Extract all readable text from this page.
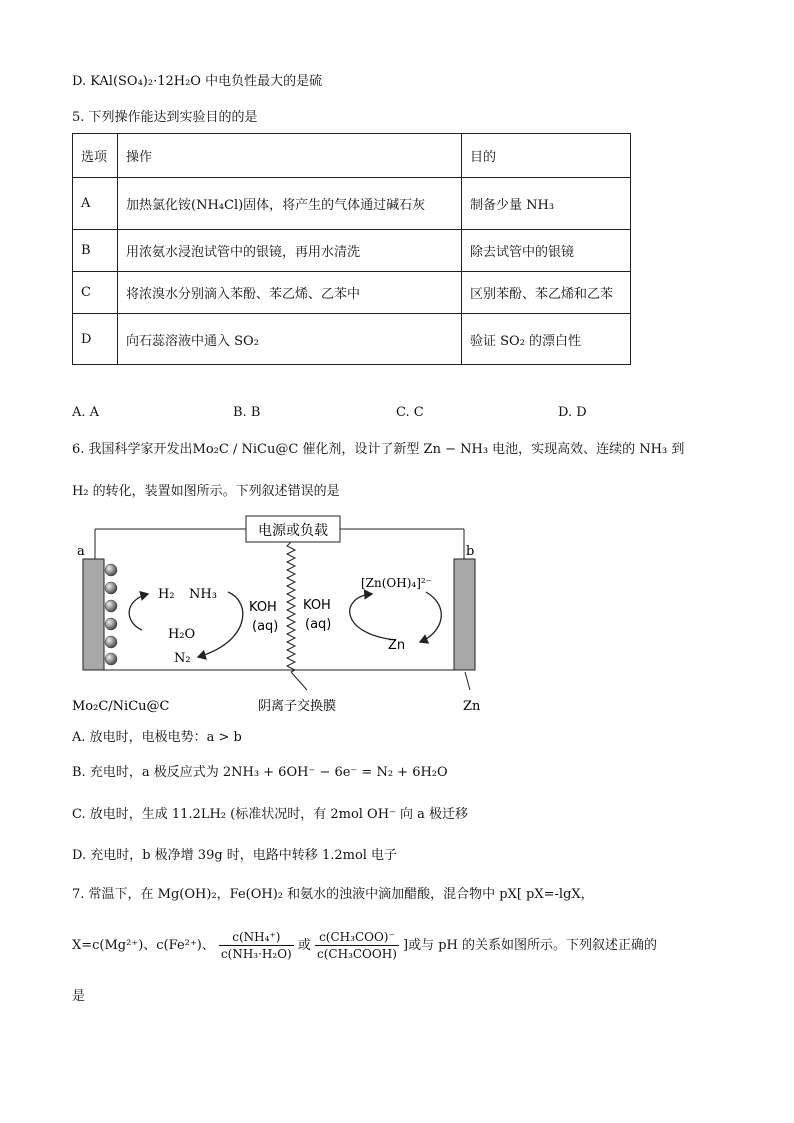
D. KAl(SO₄)₂·12H₂O 中电负性最大的是硫
5. 下列操作能达到实验目的的是
选项	操作	目的
A	加热氯化铵(NH₄Cl)固体，将产生的气体通过碱石灰	制备少量 NH₃
B	用浓氨水浸泡试管中的银镜，再用水清洗	除去试管中的银镜
C	将浓溴水分别滴入苯酚、苯乙烯、乙苯中	区别苯酚、苯乙烯和乙苯
D	向石蕊溶液中通入 SO₂	验证 SO₂ 的漂白性
A. A	B. B	C. C	D. D
6. 我国科学家开发出Mo₂C / NiCu@C 催化剂，设计了新型 Zn − NH₃ 电池，实现高效、连续的 NH₃ 到
H₂ 的转化，装置如图所示。下列叙述错误的是
电源或负载
a	b
H₂ NH₃
H₂O
N₂
KOH
(aq)
KOH
(aq)
[Zn(OH)₄]²⁻
Zn
Mo₂C/NiCu@C	阴离子交换膜	Zn
A. 放电时，电极电势：a > b
B. 充电时，a 极反应式为 2NH₃ + 6OH⁻ − 6e⁻ = N₂ + 6H₂O
C. 放电时，生成 11.2LH₂ (标准状况时，有 2mol OH⁻ 向 a 极迁移
D. 充电时，b 极净增 39g 时，电路中转移 1.2mol 电子
7. 常温下，在 Mg(OH)₂，Fe(OH)₂ 和氨水的浊液中滴加醋酸，混合物中 pX[ pX=-lgX，
X=c(Mg²⁺)、c(Fe²⁺)、 $\frac{\text{c(NH₄⁺)}}{\text{c(NH₃·H₂O)}}$ 或 $\frac{\text{c(CH₃COO)⁻}}{\text{c(CH₃COOH)}}$ ]或与 pH 的关系如图所示。下列叙述正确的
是
